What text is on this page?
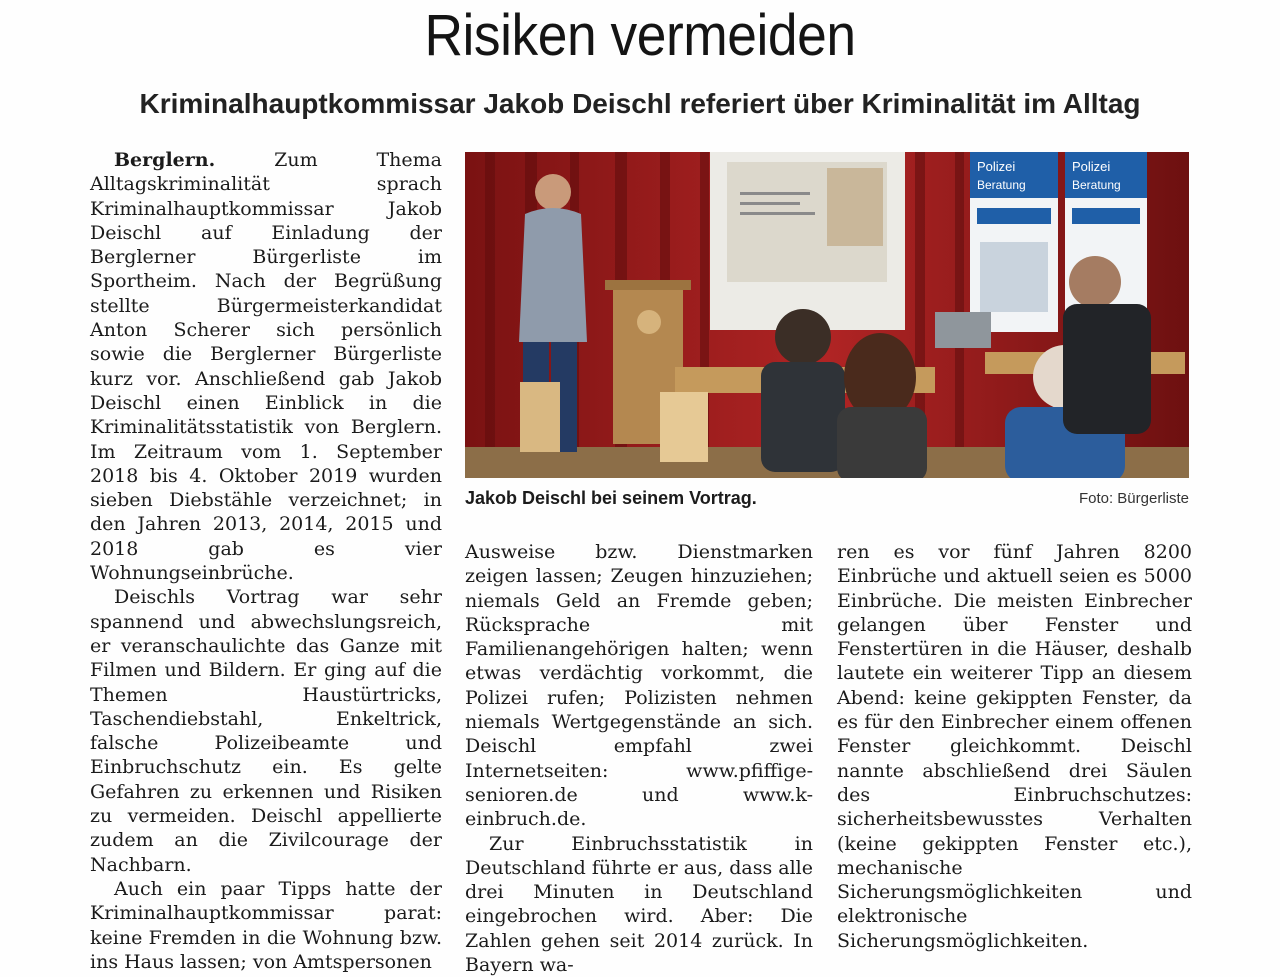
Risiken vermeiden
Kriminalhauptkommissar Jakob Deischl referiert über Kriminalität im Alltag

Berglern.	Zum Thema Alltagskriminalität sprach Kriminalhauptkommissar Jakob Deischl auf Einladung der Berglerner Bürgerliste im Sportheim. Nach der Begrüßung stellte Bürgermeisterkandidat Anton Scherer sich persönlich sowie die Berglerner Bürgerliste kurz vor. Anschließend gab Jakob Deischl einen Einblick in die Kriminalitätsstatistik von Berglern. Im Zeitraum vom 1. September 2018 bis 4. Oktober 2019 wurden sieben Diebstähle verzeichnet; in den Jahren 2013, 2014, 2015 und 2018 gab es vier Wohnungseinbrüche.

Deischls Vortrag war sehr spannend und abwechslungsreich, er veranschaulichte das Ganze mit Filmen und Bildern. Er ging auf die Themen Haustürtricks, Taschendiebstahl, Enkeltrick, falsche Polizeibeamte und Einbruchschutz ein. Es gelte Gefahren zu erkennen und Risiken zu vermeiden. Deischl appellierte zudem an die Zivilcourage der Nachbarn.

Auch ein paar Tipps hatte der Kriminalhauptkommissar parat: keine Fremden in die Wohnung bzw. ins Haus lassen; von Amtspersonen

Polizei
Beratung
Polizei
Beratung
Jakob Deischl bei seinem Vortrag.	Foto: Bürgerliste

Ausweise bzw. Dienstmarken zeigen lassen; Zeugen hinzuziehen; niemals Geld an Fremde geben; Rücksprache mit Familienangehörigen halten; wenn etwas verdächtig vorkommt, die Polizei rufen; Polizisten nehmen niemals Wertgegenstände an sich. Deischl empfahl zwei Internetseiten: www.pfiffige-senioren.de und www.k-einbruch.de.

Zur Einbruchsstatistik in Deutschland führte er aus, dass alle drei Minuten in Deutschland eingebrochen wird. Aber: Die Zahlen gehen seit 2014 zurück. In Bayern wa-

ren es vor fünf Jahren 8200 Einbrüche und aktuell seien es 5000 Einbrüche. Die meisten Einbrecher gelangen über Fenster und Fenstertüren in die Häuser, deshalb lautete ein weiterer Tipp an diesem Abend: keine gekippten Fenster, da es für den Einbrecher einem offenen Fenster gleichkommt. Deischl nannte abschließend drei Säulen des Einbruchschutzes: sicherheitsbewusstes Verhalten (keine gekippten Fenster etc.), mechanische Sicherungsmöglichkeiten und elektronische Sicherungsmöglichkeiten.
